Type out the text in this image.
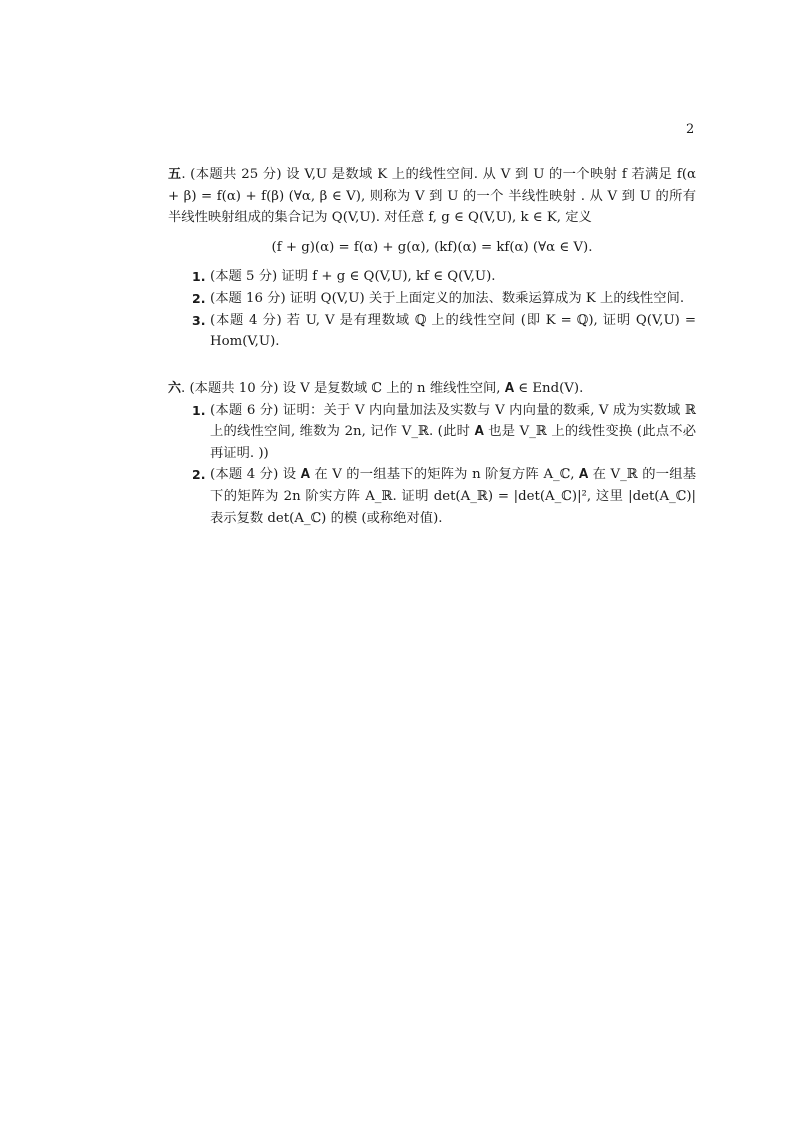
2

五. (本题共 25 分) 设 V,U 是数域 K 上的线性空间. 从 V 到 U 的一个映射 f 若满足 f(α + β) = f(α) + f(β) (∀α, β ∈ V), 则称为 V 到 U 的一个 半线性映射 . 从 V 到 U 的所有半线性映射组成的集合记为 Q(V,U). 对任意 f, g ∈ Q(V,U), k ∈ K, 定义

(f + g)(α) = f(α) + g(α), (kf)(α) = kf(α) (∀α ∈ V).
1. (本题 5 分) 证明 f + g ∈ Q(V,U), kf ∈ Q(V,U).
2. (本题 16 分) 证明 Q(V,U) 关于上面定义的加法、数乘运算成为 K 上的线性空间.
3. (本题 4 分) 若 U, V 是有理数域 ℚ 上的线性空间 (即 K = ℚ), 证明 Q(V,U) = Hom(V,U).

六. (本题共 10 分) 设 V 是复数域 ℂ 上的 n 维线性空间, 𝐀 ∈ End(V).

1. (本题 6 分) 证明：关于 V 内向量加法及实数与 V 内向量的数乘, V 成为实数域 ℝ 上的线性空间, 维数为 2n, 记作 V_ℝ. (此时 𝐀 也是 V_ℝ 上的线性变换 (此点不必再证明. ))
2. (本题 4 分) 设 𝐀 在 V 的一组基下的矩阵为 n 阶复方阵 A_ℂ, 𝐀 在 V_ℝ 的一组基下的矩阵为 2n 阶实方阵 A_ℝ. 证明 det(A_ℝ) = |det(A_ℂ)|², 这里 |det(A_ℂ)| 表示复数 det(A_ℂ) 的模 (或称绝对值).
